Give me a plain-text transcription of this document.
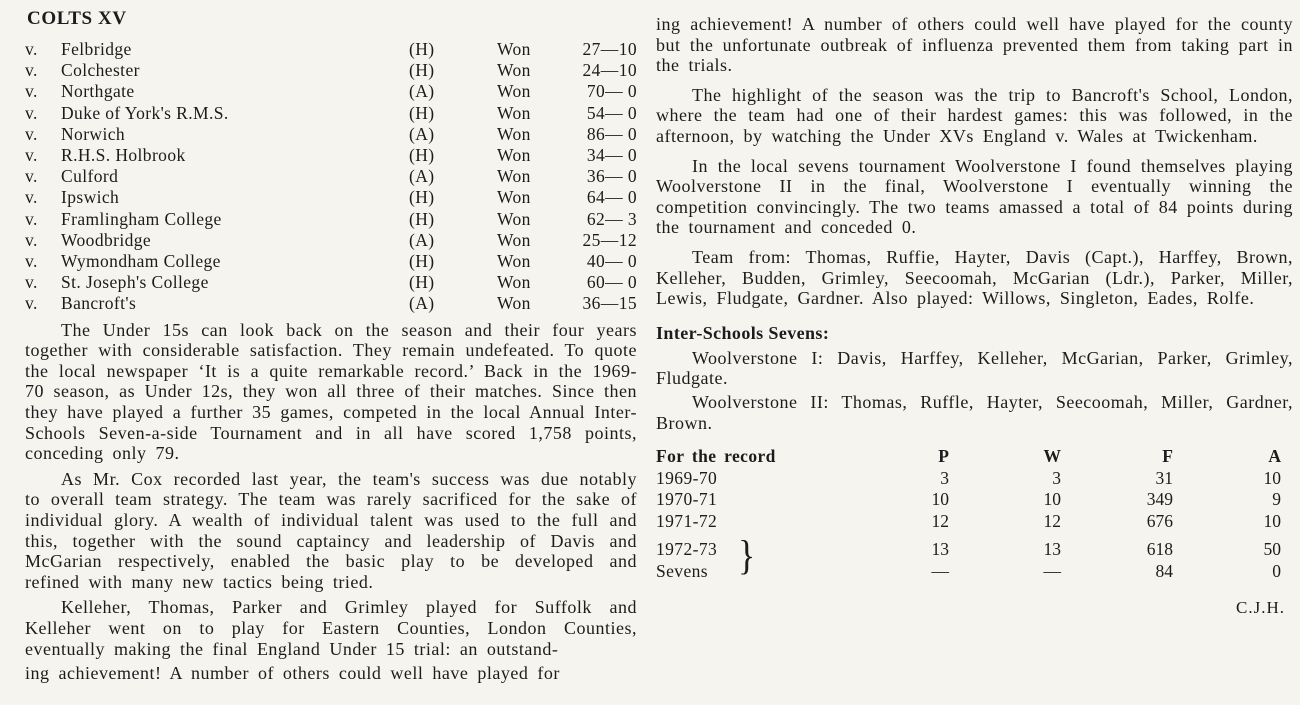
COLTS XV
v.	Felbridge	(H)	Won	27—10
v.	Colchester	(H)	Won	24—10
v.	Northgate	(A)	Won	70— 0
v.	Duke of York's R.M.S.	(H)	Won	54— 0
v.	Norwich	(A)	Won	86— 0
v.	R.H.S. Holbrook	(H)	Won	34— 0
v.	Culford	(A)	Won	36— 0
v.	Ipswich	(H)	Won	64— 0
v.	Framlingham College	(H)	Won	62— 3
v.	Woodbridge	(A)	Won	25—12
v.	Wymondham College	(H)	Won	40— 0
v.	St. Joseph's College	(H)	Won	60— 0
v.	Bancroft's	(A)	Won	36—15

The Under 15s can look back on the season and their four years together with considerable satisfaction. They remain undefeated. To quote the local newspaper ‘It is a quite remarkable record.’ Back in the 1969-70 season, as Under 12s, they won all three of their matches. Since then they have played a further 35 games, competed in the local Annual Inter-Schools Seven-a-side Tournament and in all have scored 1,758 points, conceding only 79.

As Mr. Cox recorded last year, the team's success was due notably to overall team strategy. The team was rarely sacrificed for the sake of individual glory. A wealth of individual talent was used to the full and this, together with the sound captaincy and leadership of Davis and McGarian respectively, enabled the basic play to be developed and refined with many new tactics being tried.

Kelleher, Thomas, Parker and Grimley played for Suffolk and Kelleher went on to play for Eastern Counties, London Counties, eventually making the final England Under 15 trial: an outstand-

ing achievement! A number of others could well have played for

ing achievement! A number of others could well have played for the county but the unfortunate outbreak of influenza prevented them from taking part in the trials.

The highlight of the season was the trip to Bancroft's School, London, where the team had one of their hardest games: this was followed, in the afternoon, by watching the Under XVs England v. Wales at Twickenham.

In the local sevens tournament Woolverstone I found themselves playing Woolverstone II in the final, Woolverstone I eventually winning the competition convincingly. The two teams amassed a total of 84 points during the tournament and conceded 0.

Team from: Thomas, Ruffie, Hayter, Davis (Capt.), Harffey, Brown, Kelleher, Budden, Grimley, Seecoomah, McGarian (Ldr.), Parker, Miller, Lewis, Fludgate, Gardner. Also played: Willows, Singleton, Eades, Rolfe.

Inter-Schools Sevens:

Woolverstone I: Davis, Harffey, Kelleher, McGarian, Parker, Grimley, Fludgate.

Woolverstone II: Thomas, Ruffle, Hayter, Seecoomah, Miller, Gardner, Brown.

For the record	P	W	F	A
1969-70	3	3	31	10
1970-71	10	10	349	9
1971-72	12	12	676	10
1972-73	13	13	618	50
Sevens	—	—	84	0
}
C.J.H.
